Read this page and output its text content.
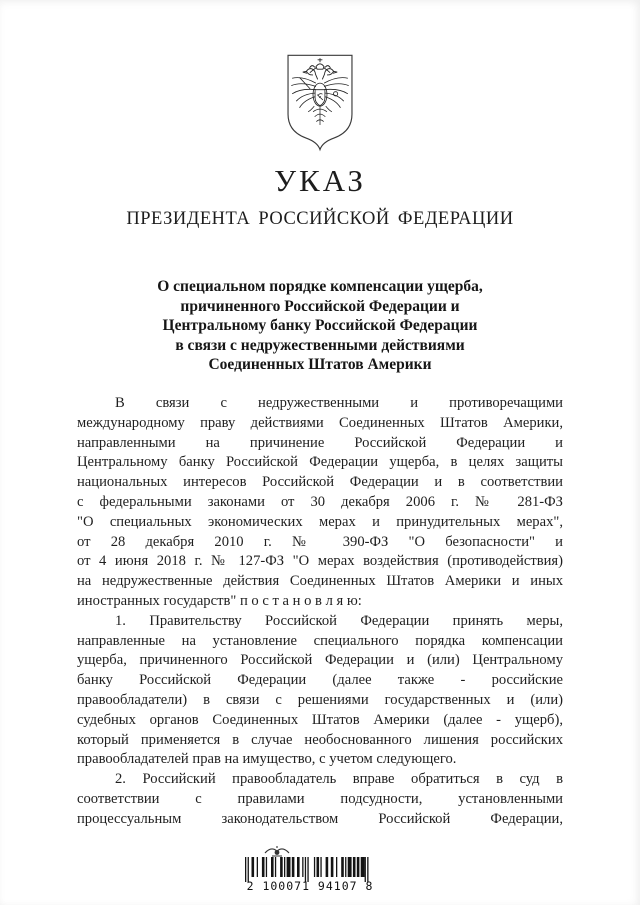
УКАЗ
ПРЕЗИДЕНТА РОССИЙСКОЙ ФЕДЕРАЦИИ
О специальном порядке компенсации ущерба,
причиненного Российской Федерации и
Центральному банку Российской Федерации
в связи с недружественными действиями
Соединенных Штатов Америки
В связи с недружественными и противоречащими
международному праву действиями Соединенных Штатов Америки,
направленными на причинение Российской Федерации и
Центральному банку Российской Федерации ущерба, в целях защиты
национальных интересов Российской Федерации и в соответствии
с федеральными законами от 30 декабря 2006 г. № 281-ФЗ
"О специальных экономических мерах и принудительных мерах",
от 28 декабря 2010 г. № 390-ФЗ "О безопасности" и
от 4 июня 2018 г. № 127-ФЗ "О мерах воздействия (противодействия)
на недружественные действия Соединенных Штатов Америки и иных
иностранных государств" п о с т а н о в л я ю:
1. Правительству Российской Федерации принять меры,
направленные на установление специального порядка компенсации
ущерба, причиненного Российской Федерации и (или) Центральному
банку Российской Федерации (далее также - российские
правообладатели) в связи с решениями государственных и (или)
судебных органов Соединенных Штатов Америки (далее - ущерб),
который применяется в случае необоснованного лишения российских
правообладателей прав на имущество, с учетом следующего.
2. Российский правообладатель вправе обратиться в суд в
соответствии с правилами подсудности, установленными
процессуальным законодательством Российской Федерации,
2 100071 94107 8
